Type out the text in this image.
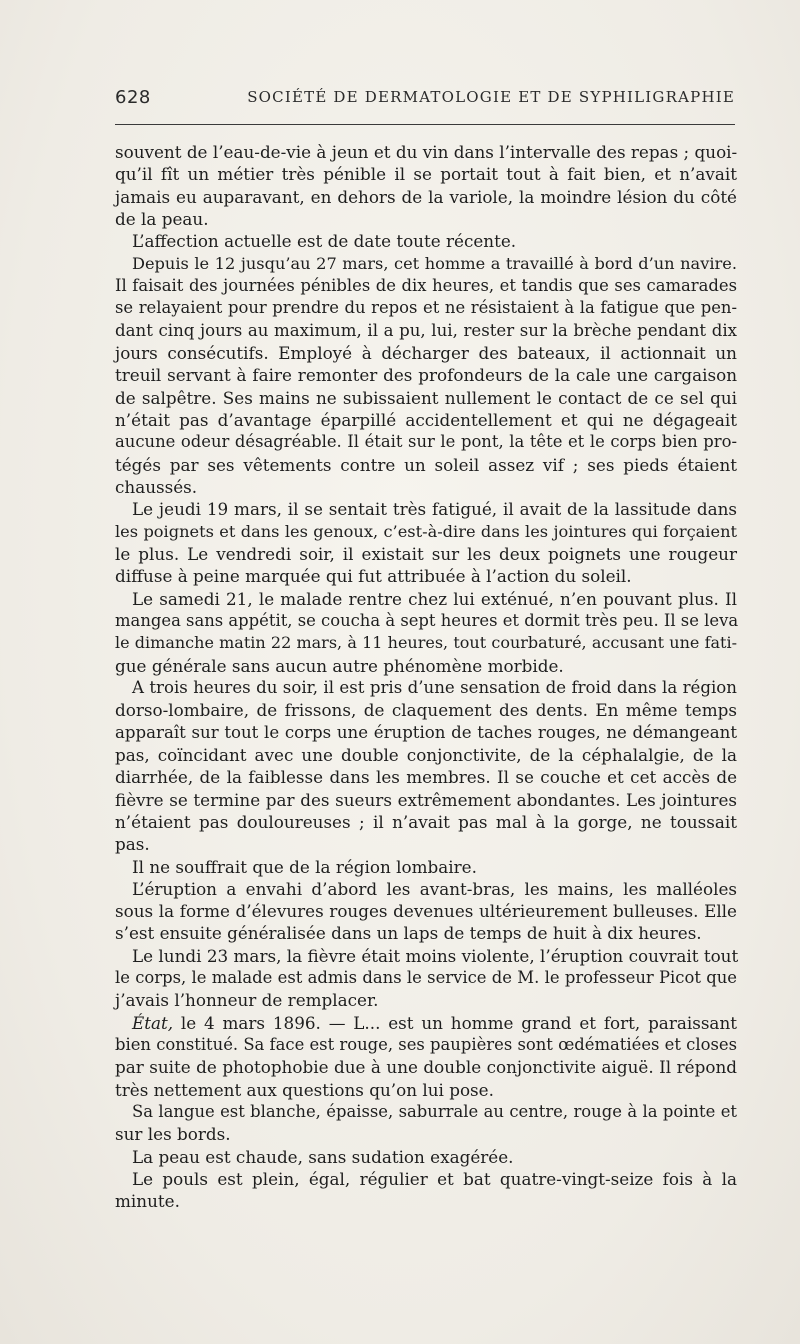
628	SOCIÉTÉ DE DERMATOLOGIE ET DE SYPHILIGRAPHIE
souvent de l’eau-de-vie à jeun et du vin dans l’intervalle des repas ; quoi-
qu’il fît un métier très pénible il se portait tout à fait bien, et n’avait
jamais eu auparavant, en dehors de la variole, la moindre lésion du côté
de la peau.
L’affection actuelle est de date toute récente.
Depuis le 12 jusqu’au 27 mars, cet homme a travaillé à bord d’un navire.
Il faisait des journées pénibles de dix heures, et tandis que ses camarades
se relayaient pour prendre du repos et ne résistaient à la fatigue que pen-
dant cinq jours au maximum, il a pu, lui, rester sur la brèche pendant dix
jours consécutifs. Employé à décharger des bateaux, il actionnait un
treuil servant à faire remonter des profondeurs de la cale une cargaison
de salpêtre. Ses mains ne subissaient nullement le contact de ce sel qui
n’était pas d’avantage éparpillé accidentellement et qui ne dégageait
aucune odeur désagréable. Il était sur le pont, la tête et le corps bien pro-
tégés par ses vêtements contre un soleil assez vif ; ses pieds étaient
chaussés.
Le jeudi 19 mars, il se sentait très fatigué, il avait de la lassitude dans
les poignets et dans les genoux, c’est-à-dire dans les jointures qui forçaient
le plus. Le vendredi soir, il existait sur les deux poignets une rougeur
diffuse à peine marquée qui fut attribuée à l’action du soleil.
Le samedi 21, le malade rentre chez lui exténué, n’en pouvant plus. Il
mangea sans appétit, se coucha à sept heures et dormit très peu. Il se leva
le dimanche matin 22 mars, à 11 heures, tout courbaturé, accusant une fati-
gue générale sans aucun autre phénomène morbide.
A trois heures du soir, il est pris d’une sensation de froid dans la région
dorso-lombaire, de frissons, de claquement des dents. En même temps
apparaît sur tout le corps une éruption de taches rouges, ne démangeant
pas, coïncidant avec une double conjonctivite, de la céphalalgie, de la
diarrhée, de la faiblesse dans les membres. Il se couche et cet accès de
fièvre se termine par des sueurs extrêmement abondantes. Les jointures
n’étaient pas douloureuses ; il n’avait pas mal à la gorge, ne toussait
pas.
Il ne souffrait que de la région lombaire.
L’éruption a envahi d’abord les avant-bras, les mains, les malléoles
sous la forme d’élevures rouges devenues ultérieurement bulleuses. Elle
s’est ensuite généralisée dans un laps de temps de huit à dix heures.
Le lundi 23 mars, la fièvre était moins violente, l’éruption couvrait tout
le corps, le malade est admis dans le service de M. le professeur Picot que
j’avais l’honneur de remplacer.
État, le 4 mars 1896. — L... est un homme grand et fort, paraissant
bien constitué. Sa face est rouge, ses paupières sont œdématiées et closes
par suite de photophobie due à une double conjonctivite aiguë. Il répond
très nettement aux questions qu’on lui pose.
Sa langue est blanche, épaisse, saburrale au centre, rouge à la pointe et
sur les bords.
La peau est chaude, sans sudation exagérée.
Le pouls est plein, égal, régulier et bat quatre-vingt-seize fois à la
minute.
